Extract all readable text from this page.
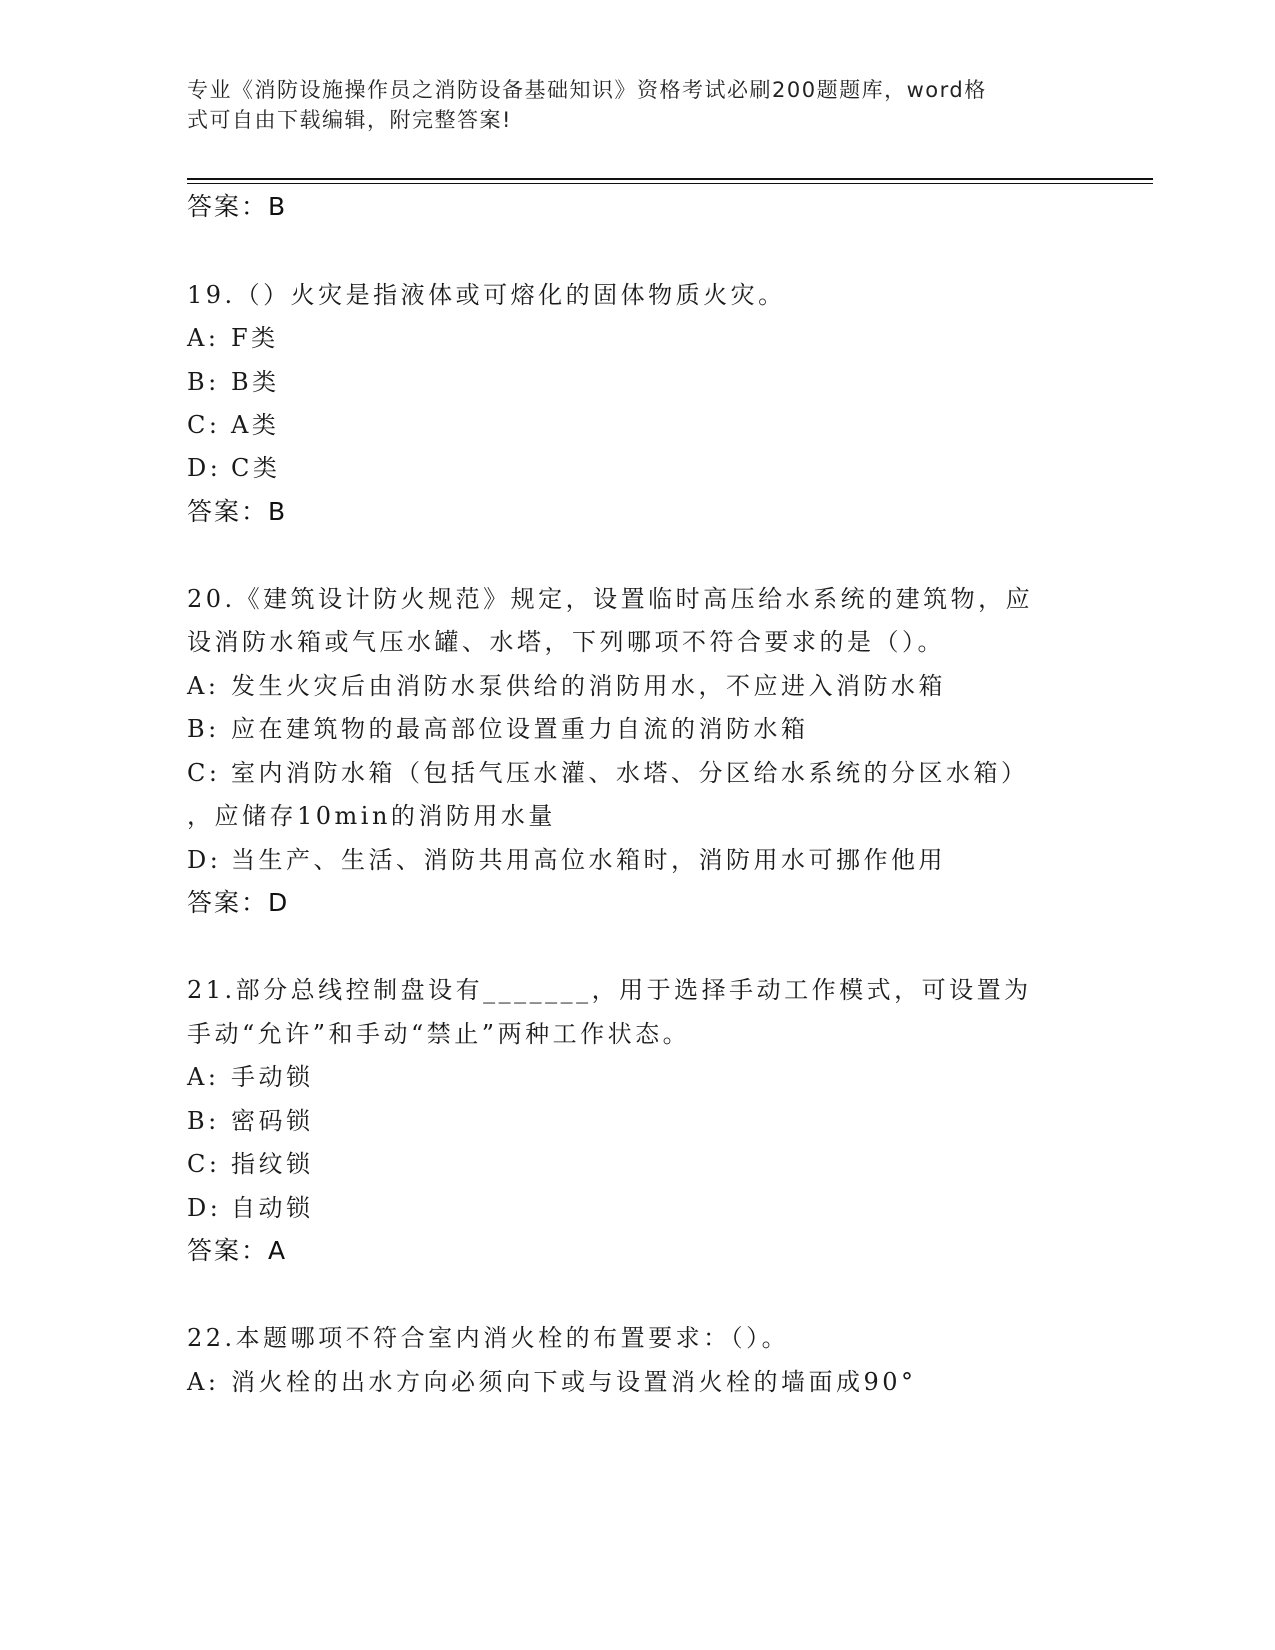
专业《消防设施操作员之消防设备基础知识》资格考试必刷200题题库，word格
式可自由下载编辑，附完整答案!
答案：B
19.（）火灾是指液体或可熔化的固体物质火灾。
A: F类
B: B类
C: A类
D: C类
答案：B
20.《建筑设计防火规范》规定，设置临时高压给水系统的建筑物，应
设消防水箱或气压水罐、水塔，下列哪项不符合要求的是（）。
A: 发生火灾后由消防水泵供给的消防用水，不应进入消防水箱
B: 应在建筑物的最高部位设置重力自流的消防水箱
C: 室内消防水箱（包括气压水灌、水塔、分区给水系统的分区水箱）
，应储存10min的消防用水量
D: 当生产、生活、消防共用高位水箱时，消防用水可挪作他用
答案：D
21.部分总线控制盘设有_______，用于选择手动工作模式，可设置为
手动“允许”和手动“禁止”两种工作状态。
A: 手动锁
B: 密码锁
C: 指纹锁
D: 自动锁
答案：A
22.本题哪项不符合室内消火栓的布置要求：（）。
A: 消火栓的出水方向必须向下或与设置消火栓的墙面成90°
